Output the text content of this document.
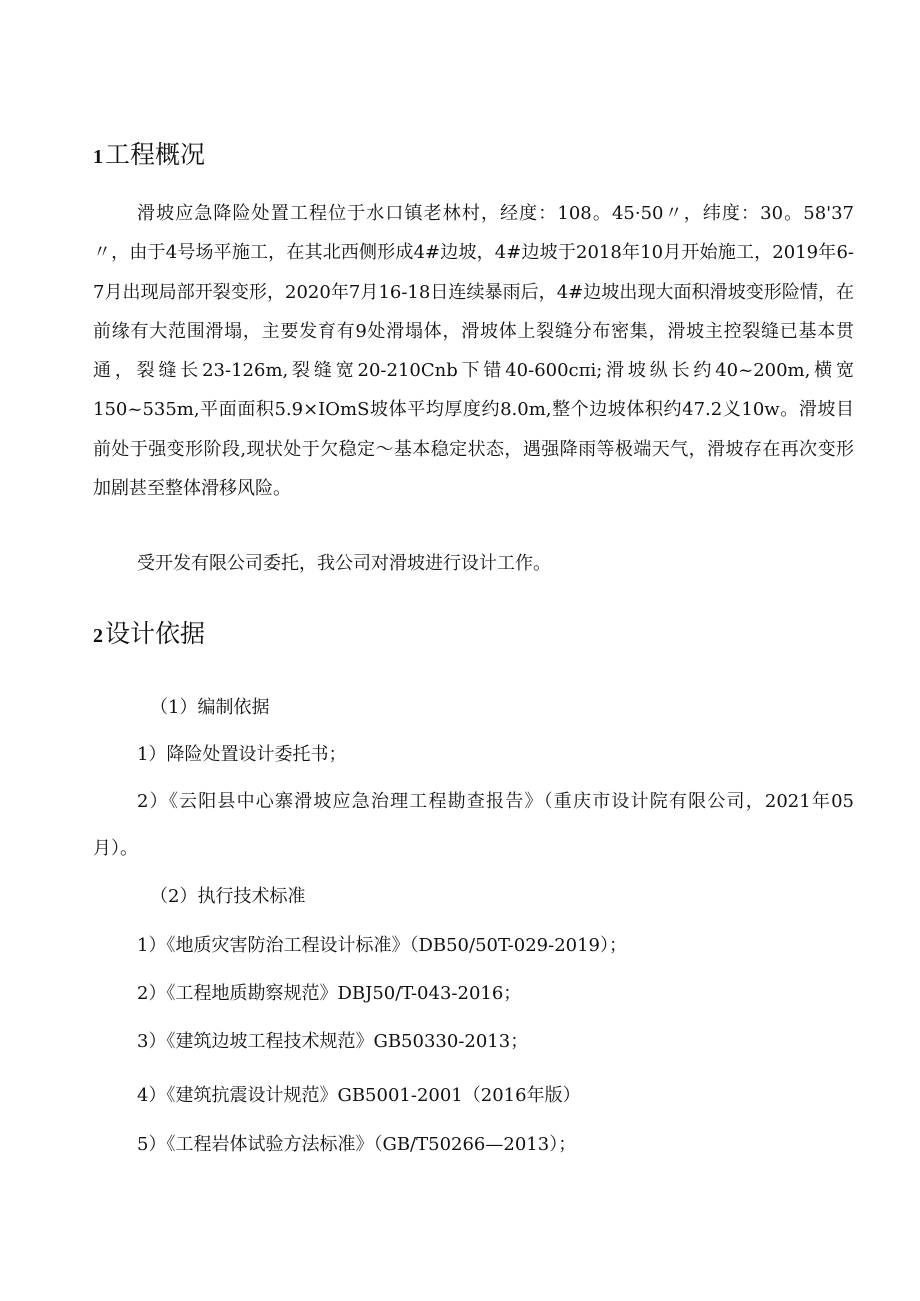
1工程概况

滑坡应急降险处置工程位于水口镇老林村，经度：108。45·50〃，纬度：30。58'37〃，由于4号场平施工，在其北西侧形成4#边坡，4#边坡于2018年10月开始施工，2019年6-7月出现局部开裂变形，2020年7月16-18日连续暴雨后，4#边坡出现大面积滑坡变形险情，在前缘有大范围滑塌，主要发育有9处滑塌体，滑坡体上裂缝分布密集，滑坡主控裂缝已基本贯通，裂缝长23-126m,裂缝宽20-210Cnb下错40-600cπi;滑坡纵长约40~200m,横宽150~535m,平面面积5.9×IOmS坡体平均厚度约8.0m,整个边坡体积约47.2义10w。滑坡目前处于强变形阶段,现状处于欠稳定～基本稳定状态，遇强降雨等极端天气，滑坡存在再次变形加剧甚至整体滑移风险。

受开发有限公司委托，我公司对滑坡进行设计工作。

2设计依据
（1）编制依据
1）降险处置设计委托书；

2）《云阳县中心寨滑坡应急治理工程勘查报告》（重庆市设计院有限公司，2021年05月）。

（2）执行技术标准
1）《地质灾害防治工程设计标准》（DB50/50T-029-2019）；
2）《工程地质勘察规范》DBJ50/T-043-2016；
3）《建筑边坡工程技术规范》GB50330-2013；
4）《建筑抗震设计规范》GB5001-2001（2016年版）
5）《工程岩体试验方法标准》（GB/T50266—2013）；
